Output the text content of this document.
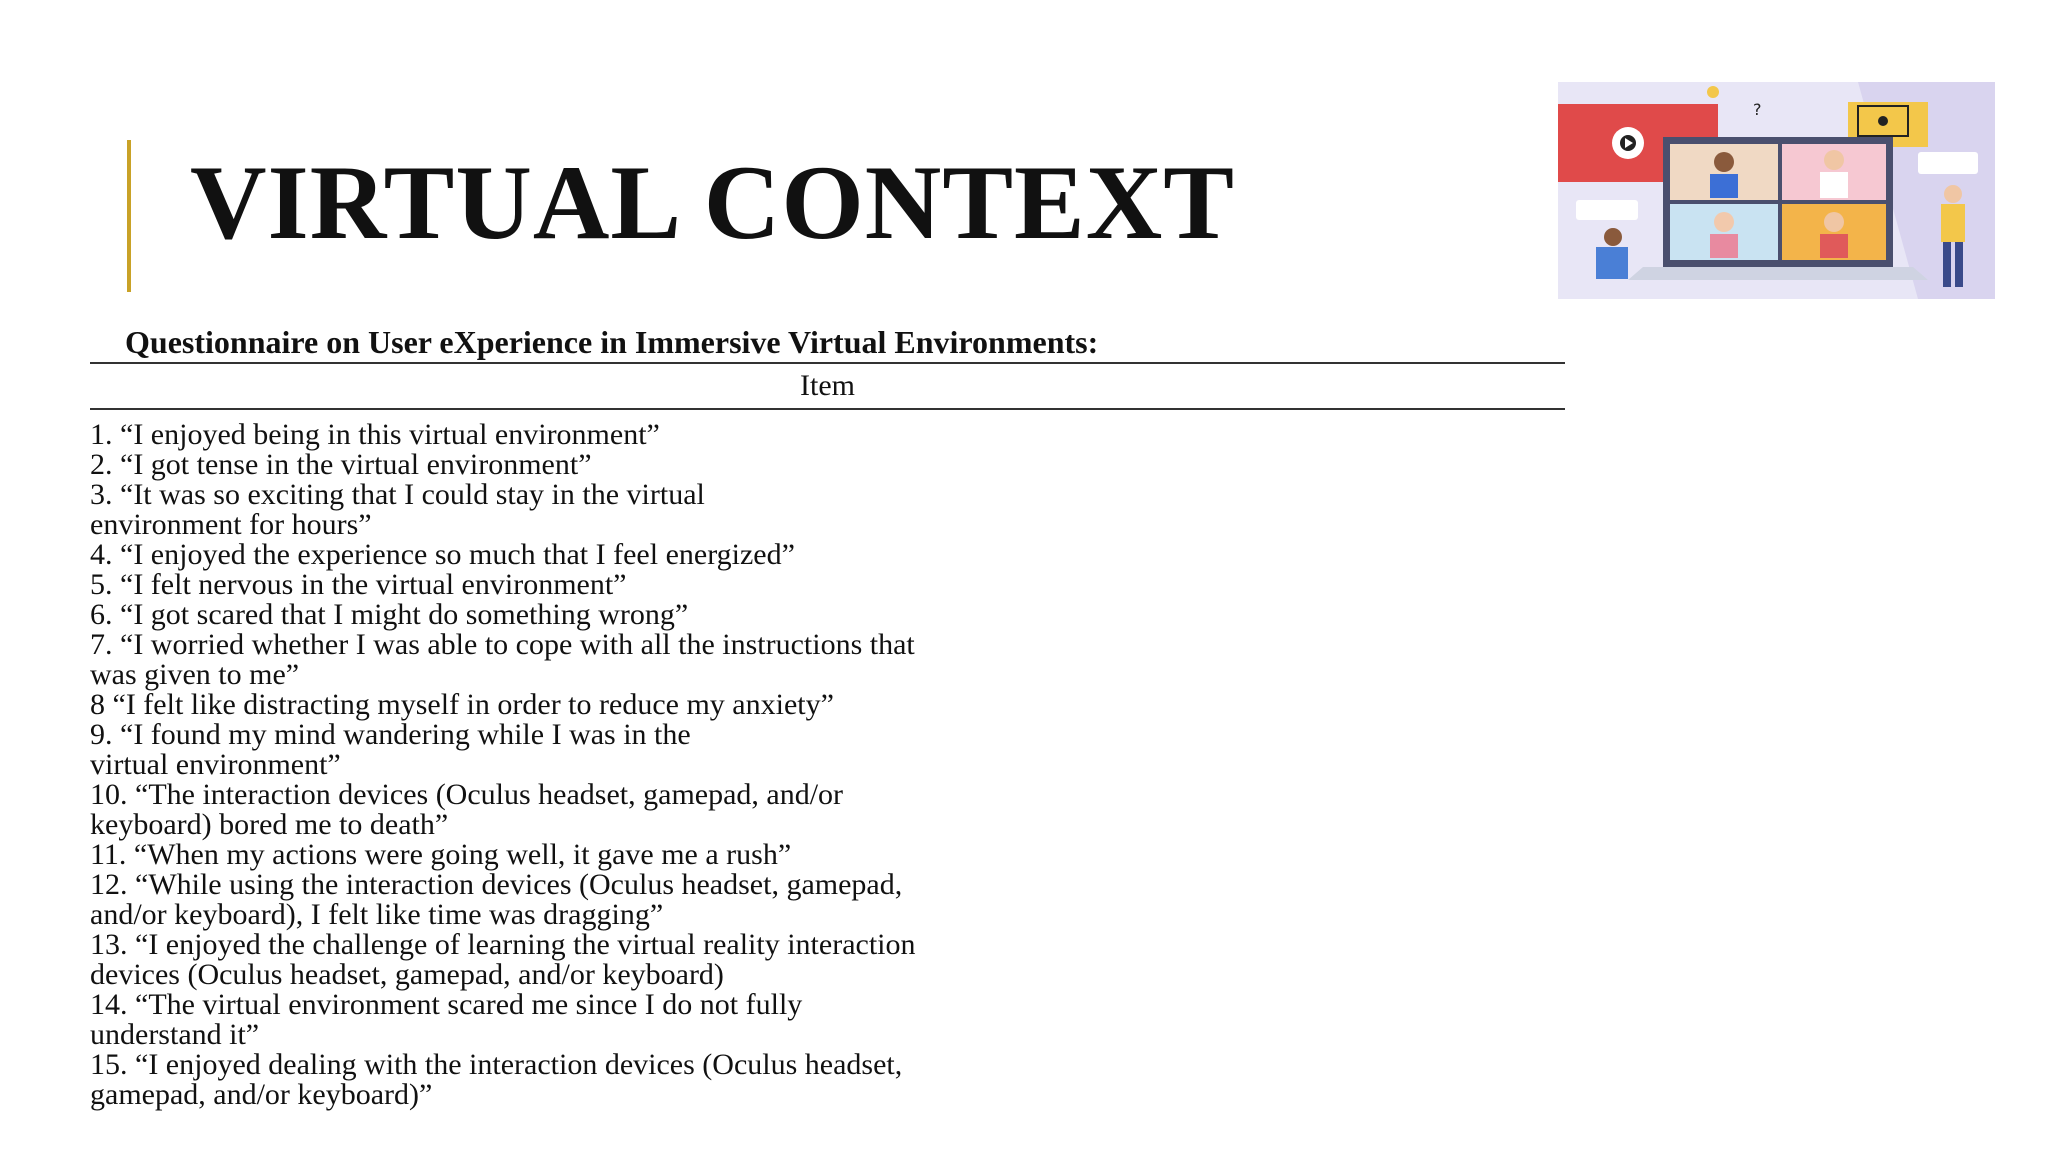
VIRTUAL CONTEXT
?

Questionnaire on User eXperience in Immersive Virtual Environments:

Item
1. “I enjoyed being in this virtual environment”
2. “I got tense in the virtual environment”
3. “It was so exciting that I could stay in the virtual
environment for hours”
4. “I enjoyed the experience so much that I feel energized”
5. “I felt nervous in the virtual environment”
6. “I got scared that I might do something wrong”
7. “I worried whether I was able to cope with all the instructions that
was given to me”
8 “I felt like distracting myself in order to reduce my anxiety”
9. “I found my mind wandering while I was in the
virtual environment”
10. “The interaction devices (Oculus headset, gamepad, and/or
keyboard) bored me to death”
11. “When my actions were going well, it gave me a rush”
12. “While using the interaction devices (Oculus headset, gamepad,
and/or keyboard), I felt like time was dragging”
13. “I enjoyed the challenge of learning the virtual reality interaction
devices (Oculus headset, gamepad, and/or keyboard)
14. “The virtual environment scared me since I do not fully
understand it”
15. “I enjoyed dealing with the interaction devices (Oculus headset,
gamepad, and/or keyboard)”
